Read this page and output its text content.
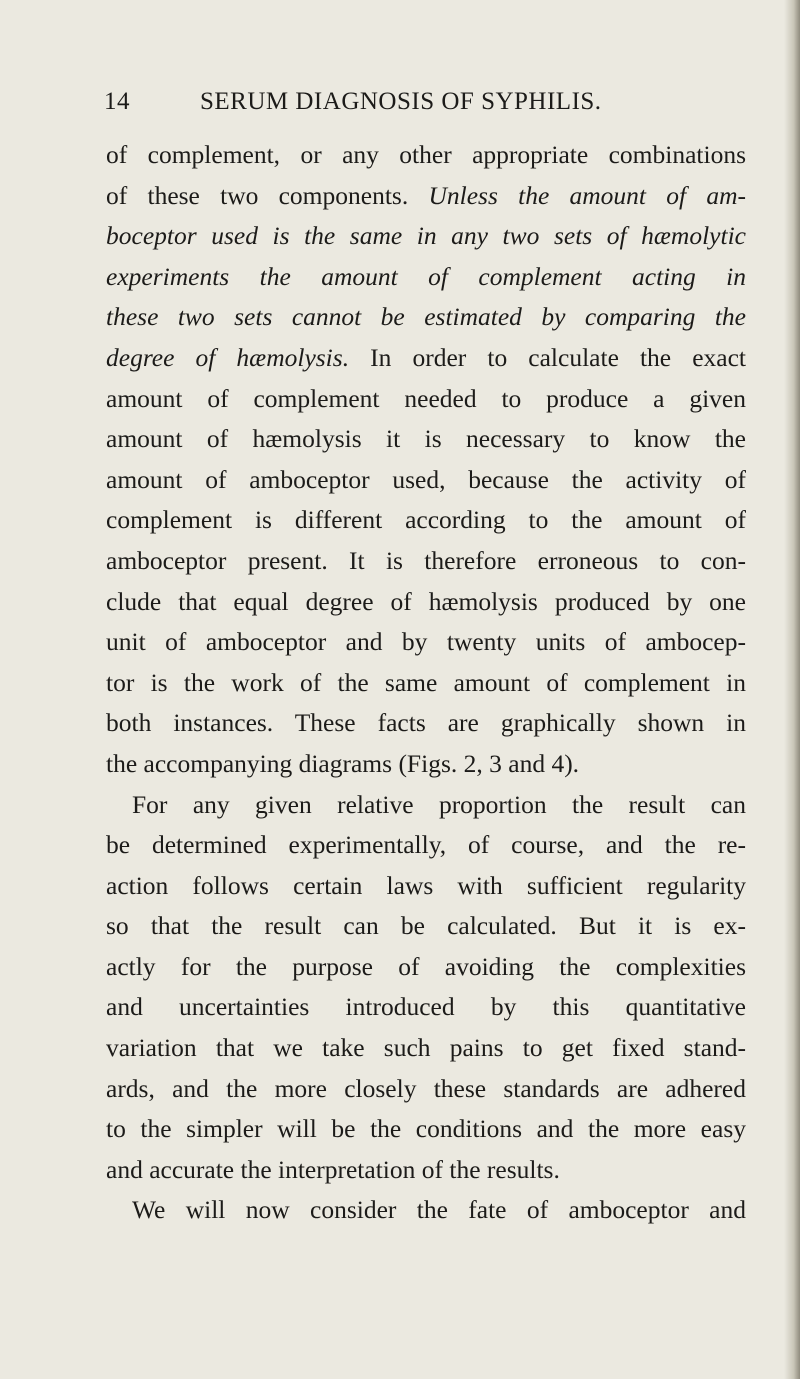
14	SERUM DIAGNOSIS OF SYPHILIS.
of complement, or any other appropriate combinations
of these two components. Unless the amount of am-
boceptor used is the same in any two sets of hæmolytic
experiments the amount of complement acting in
these two sets cannot be estimated by comparing the
degree of hæmolysis. In order to calculate the exact
amount of complement needed to produce a given
amount of hæmolysis it is necessary to know the
amount of amboceptor used, because the activity of
complement is different according to the amount of
amboceptor present. It is therefore erroneous to con-
clude that equal degree of hæmolysis produced by one
unit of amboceptor and by twenty units of ambocep-
tor is the work of the same amount of complement in
both instances. These facts are graphically shown in
the accompanying diagrams (Figs. 2, 3 and 4).
For any given relative proportion the result can
be determined experimentally, of course, and the re-
action follows certain laws with sufficient regularity
so that the result can be calculated. But it is ex-
actly for the purpose of avoiding the complexities
and uncertainties introduced by this quantitative
variation that we take such pains to get fixed stand-
ards, and the more closely these standards are adhered
to the simpler will be the conditions and the more easy
and accurate the interpretation of the results.
We will now consider the fate of amboceptor and
